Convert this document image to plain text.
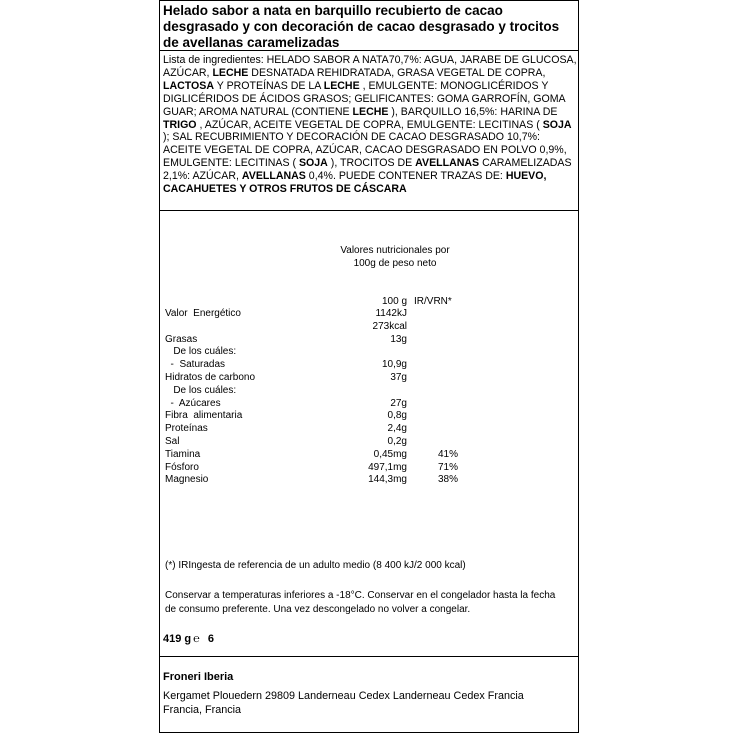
Helado sabor a nata en barquillo recubierto de cacao desgrasado y con decoración de cacao desgrasado y trocitos de avellanas caramelizadas
Lista de ingredientes: HELADO SABOR A NATA70,7%: AGUA, JARABE DE GLUCOSA, AZÚCAR, LECHE DESNATADA REHIDRATADA, GRASA VEGETAL DE COPRA, LACTOSA Y PROTEÍNAS DE LA LECHE , EMULGENTE: MONOGLICÉRIDOS Y DIGLICÉRIDOS DE ÁCIDOS GRASOS; GELIFICANTES: GOMA GARROFÍN, GOMA GUAR; AROMA NATURAL (CONTIENE LECHE ), BARQUILLO 16,5%: HARINA DE TRIGO , AZÚCAR, ACEITE VEGETAL DE COPRA, EMULGENTE: LECITINAS ( SOJA ); SAL RECUBRIMIENTO Y DECORACIÓN DE CACAO DESGRASADO 10,7%: ACEITE VEGETAL DE COPRA, AZÚCAR, CACAO DESGRASADO EN POLVO 0,9%, EMULGENTE: LECITINAS ( SOJA ), TROCITOS DE AVELLANAS CARAMELIZADAS 2,1%: AZÚCAR, AVELLANAS 0,4%. PUEDE CONTENER TRAZAS DE: HUEVO, CACAHUETES Y OTROS FRUTOS DE CÁSCARA
Valores nutricionales por
100g de peso neto
100 g IR/VRN*
Valor  Energético	1142kJ
273kcal
Grasas	13g
De los cuáles:
-  Saturadas	10,9g
Hidratos de carbono	37g
De los cuáles:
-  Azúcares	27g
Fibra  alimentaria	0,8g
Proteínas	2,4g
Sal	0,2g
Tiamina	0,45mg	41%
Fósforo	497,1mg	71%
Magnesio	144,3mg	38%
(*) IRIngesta de referencia de un adulto medio (8 400 kJ/2 000 kcal)
Conservar a temperaturas inferiores a -18°C. Conservar en el congelador hasta la fecha de consumo preferente. Una vez descongelado no volver a congelar.
419 g ℮ 6
Froneri Iberia
Kergamet Plouedern 29809 Landerneau Cedex Landerneau Cedex Francia
Francia, Francia
